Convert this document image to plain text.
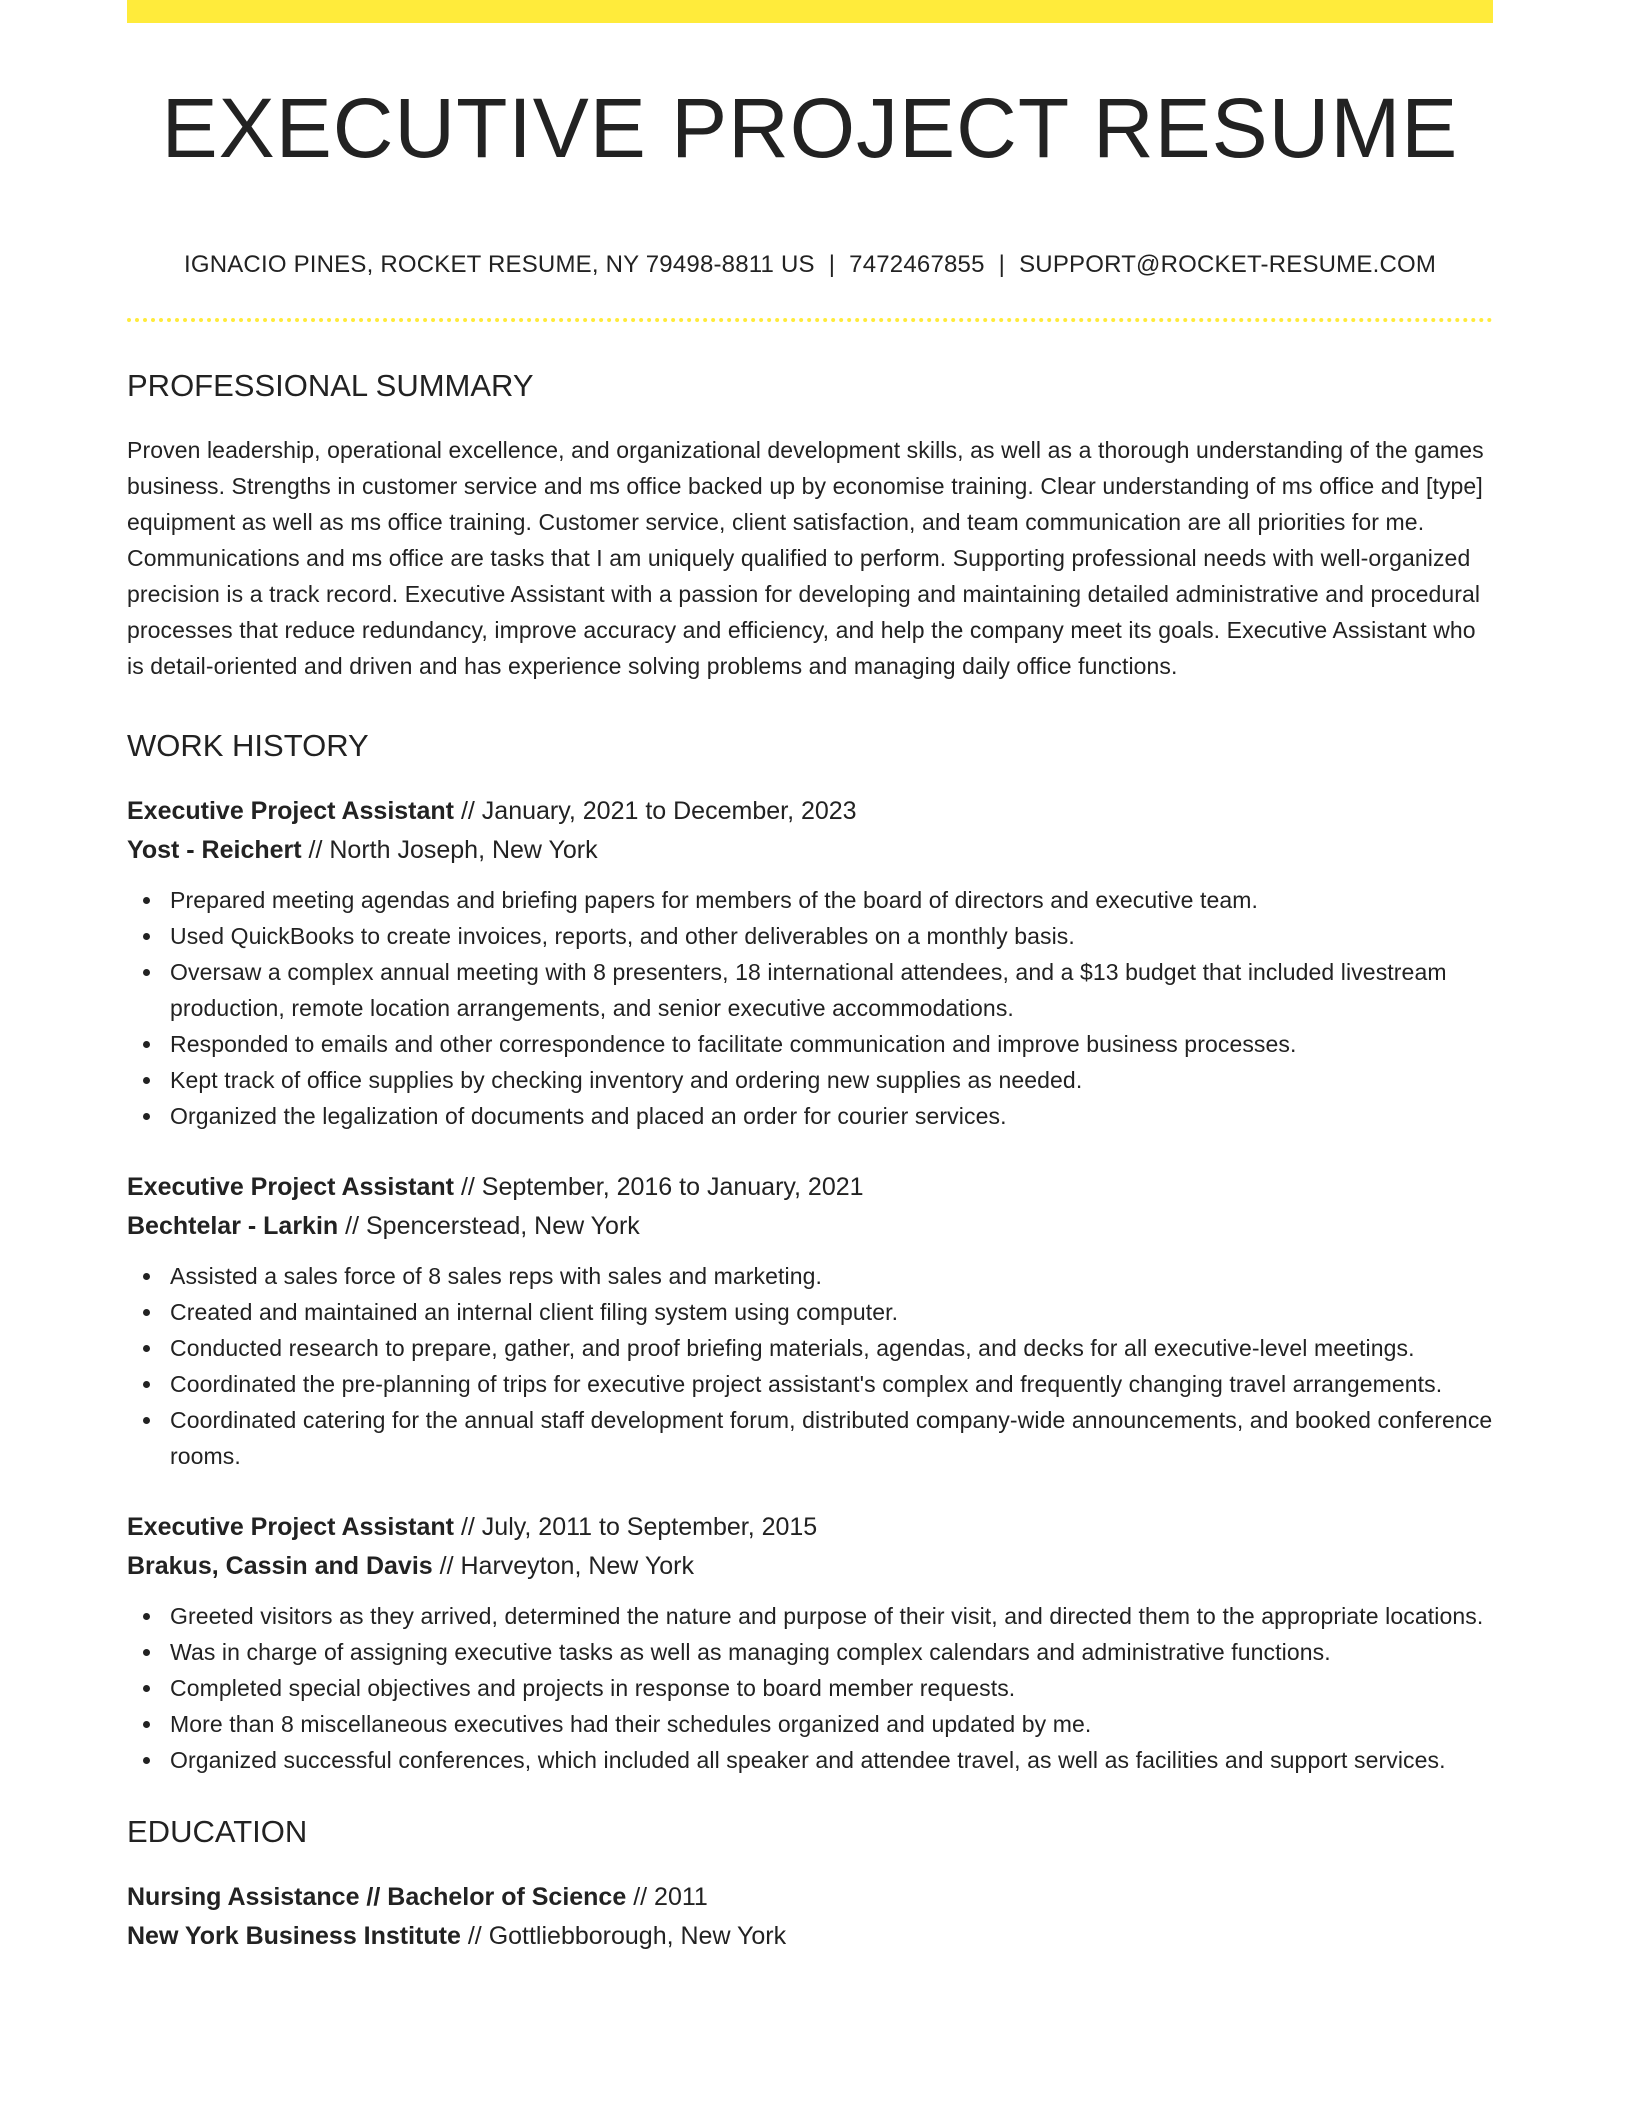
EXECUTIVE PROJECT RESUME
IGNACIO PINES, ROCKET RESUME, NY 79498-8811 US | 7472467855 | SUPPORT@ROCKET-RESUME.COM
PROFESSIONAL SUMMARY
Proven leadership, operational excellence, and organizational development skills, as well as a thorough understanding of the games business. Strengths in customer service and ms office backed up by economise training. Clear understanding of ms office and [type] equipment as well as ms office training. Customer service, client satisfaction, and team communication are all priorities for me. Communications and ms office are tasks that I am uniquely qualified to perform. Supporting professional needs with well-organized precision is a track record. Executive Assistant with a passion for developing and maintaining detailed administrative and procedural processes that reduce redundancy, improve accuracy and efficiency, and help the company meet its goals. Executive Assistant who is detail-oriented and driven and has experience solving problems and managing daily office functions.
WORK HISTORY
Executive Project Assistant // January, 2021 to December, 2023
Yost - Reichert // North Joseph, New York
Prepared meeting agendas and briefing papers for members of the board of directors and executive team.
Used QuickBooks to create invoices, reports, and other deliverables on a monthly basis.
Oversaw a complex annual meeting with 8 presenters, 18 international attendees, and a $13 budget that included livestream production, remote location arrangements, and senior executive accommodations.
Responded to emails and other correspondence to facilitate communication and improve business processes.
Kept track of office supplies by checking inventory and ordering new supplies as needed.
Organized the legalization of documents and placed an order for courier services.
Executive Project Assistant // September, 2016 to January, 2021
Bechtelar - Larkin // Spencerstead, New York
Assisted a sales force of 8 sales reps with sales and marketing.
Created and maintained an internal client filing system using computer.
Conducted research to prepare, gather, and proof briefing materials, agendas, and decks for all executive-level meetings.
Coordinated the pre-planning of trips for executive project assistant's complex and frequently changing travel arrangements.
Coordinated catering for the annual staff development forum, distributed company-wide announcements, and booked conference rooms.
Executive Project Assistant // July, 2011 to September, 2015
Brakus, Cassin and Davis // Harveyton, New York
Greeted visitors as they arrived, determined the nature and purpose of their visit, and directed them to the appropriate locations.
Was in charge of assigning executive tasks as well as managing complex calendars and administrative functions.
Completed special objectives and projects in response to board member requests.
More than 8 miscellaneous executives had their schedules organized and updated by me.
Organized successful conferences, which included all speaker and attendee travel, as well as facilities and support services.
EDUCATION
Nursing Assistance // Bachelor of Science // 2011
New York Business Institute // Gottliebborough, New York
